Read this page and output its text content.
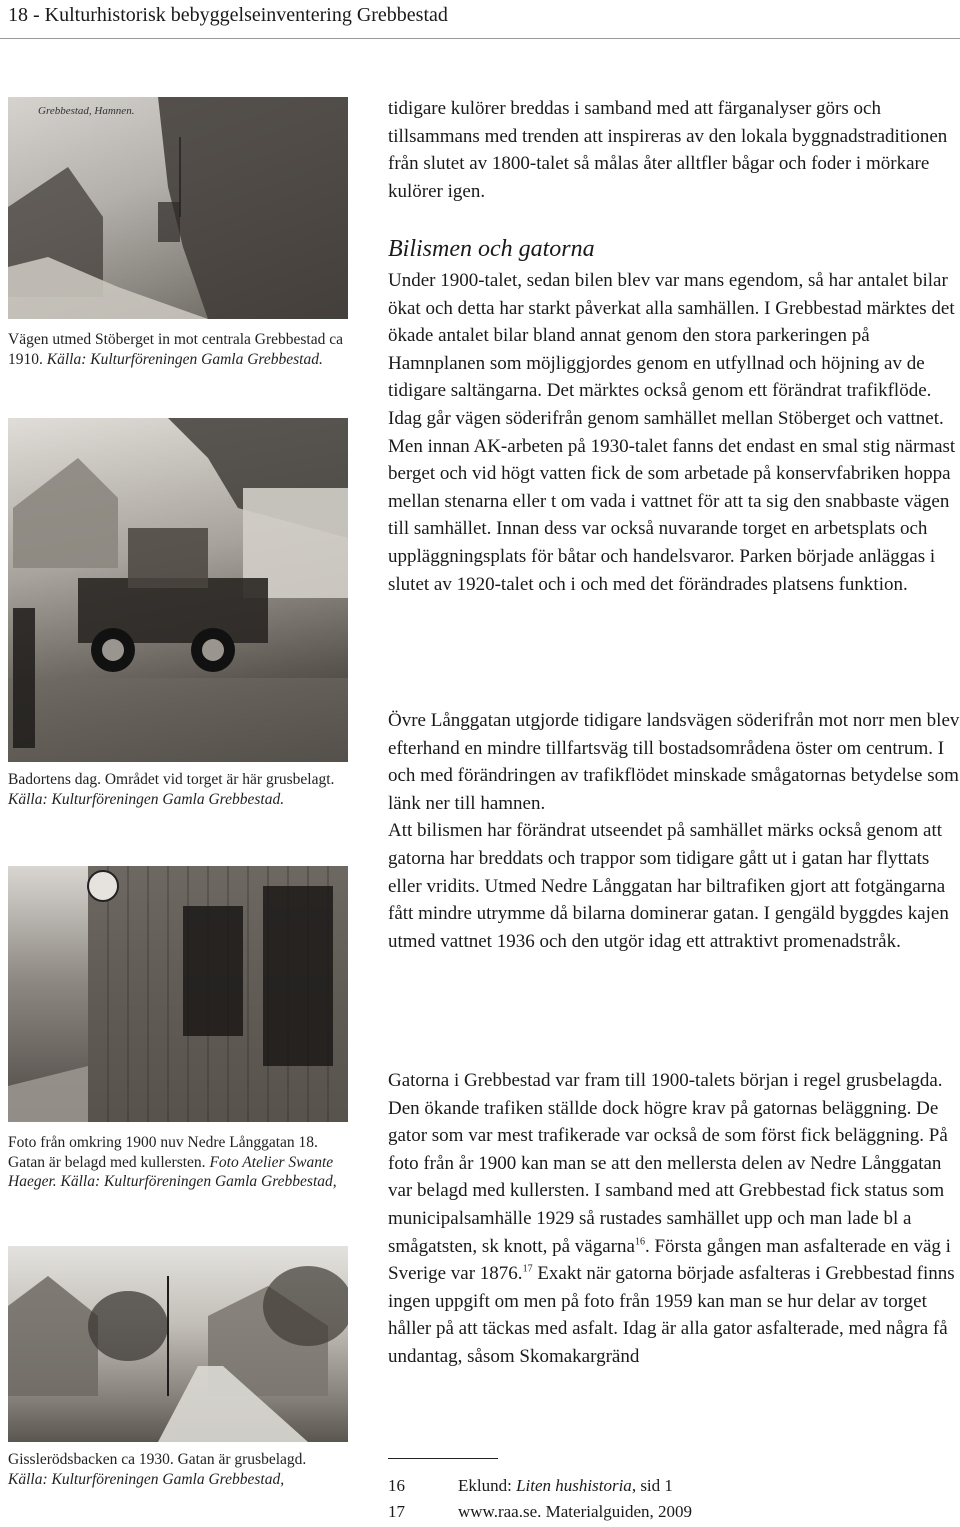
18 - Kulturhistorisk bebyggelseinventering Grebbestad
Grebbestad, Hamnen.
Vägen utmed Stöberget in mot centrala Grebbestad ca 1910. Källa: Kulturföreningen Gamla Grebbestad.
Badortens dag. Området vid torget är här grusbelagt.
Källa: Kulturföreningen Gamla Grebbestad.
Foto från omkring 1900 nuv Nedre Långgatan 18. Gatan är belagd med kullersten. Foto Atelier Swante Haeger. Källa: Kulturföreningen Gamla Grebbestad,
Gisslerödsbacken ca 1930. Gatan är grusbelagd.
Källa: Kulturföreningen Gamla Grebbestad,

tidigare kulörer breddas i samband med att färganalyser görs och tillsammans med trenden att inspireras av den lokala byggnadstraditionen från slutet av 1800-talet så målas åter alltfler bågar och foder i mörkare kulörer igen.

Bilismen och gatorna

Under 1900-talet, sedan bilen blev var mans egendom, så har antalet bilar ökat och detta har starkt påverkat alla samhällen. I Grebbestad märktes det ökade antalet bilar bland annat genom den stora parkeringen på Hamnplanen som möjliggjordes genom en utfyllnad och höjning av de tidigare saltängarna. Det märktes också genom ett förändrat trafikflöde. Idag går vägen söderifrån genom samhället mellan Stöberget och vattnet. Men innan AK-arbeten på 1930-talet fanns det endast en smal stig närmast berget och vid högt vatten fick de som arbetade på konservfabriken hoppa mellan stenarna eller t om vada i vattnet för att ta sig den snabbaste vägen till samhället. Innan dess var också nuvarande torget en arbetsplats och uppläggningsplats för båtar och handelsvaror. Parken började anläggas i slutet av 1920-talet och i och med det förändrades platsens funktion.

Övre Långgatan utgjorde tidigare landsvägen söderifrån mot norr men blev efterhand en mindre tillfartsväg till bostadsområdena öster om centrum. I och med förändringen av trafikflödet minskade smågatornas betydelse som länk ner till hamnen.

Att bilismen har förändrat utseendet på samhället märks också genom att gatorna har breddats och trappor som tidigare gått ut i gatan har flyttats eller vridits. Utmed Nedre Långgatan har biltrafiken gjort att fotgängarna fått mindre utrymme då bilarna dominerar gatan. I gengäld byggdes kajen utmed vattnet 1936 och den utgör idag ett attraktivt promenadstråk.

Gatorna i Grebbestad var fram till 1900-talets början i regel grusbelagda. Den ökande trafiken ställde dock högre krav på gatornas beläggning. De gator som var mest trafikerade var också de som först fick beläggning. På foto från år 1900 kan man se att den mellersta delen av Nedre Långgatan var belagd med kullersten. I samband med att Grebbestad fick status som municipalsamhälle 1929 så rustades samhället upp och man lade bl a smågatsten, sk knott, på vägarna$^{16}$. Första gången man asfalterade en väg i Sverige var 1876.17 Exakt när gatorna började asfalteras i Grebbestad finns ingen uppgift om men på foto från 1959 kan man se hur delar av torget håller på att täckas med asfalt. Idag är alla gator asfalterade, med några få undantag, såsom Skomakargränd

16	Eklund: Liten hushistoria, sid 1
17	www.raa.se. Materialguiden, 2009
